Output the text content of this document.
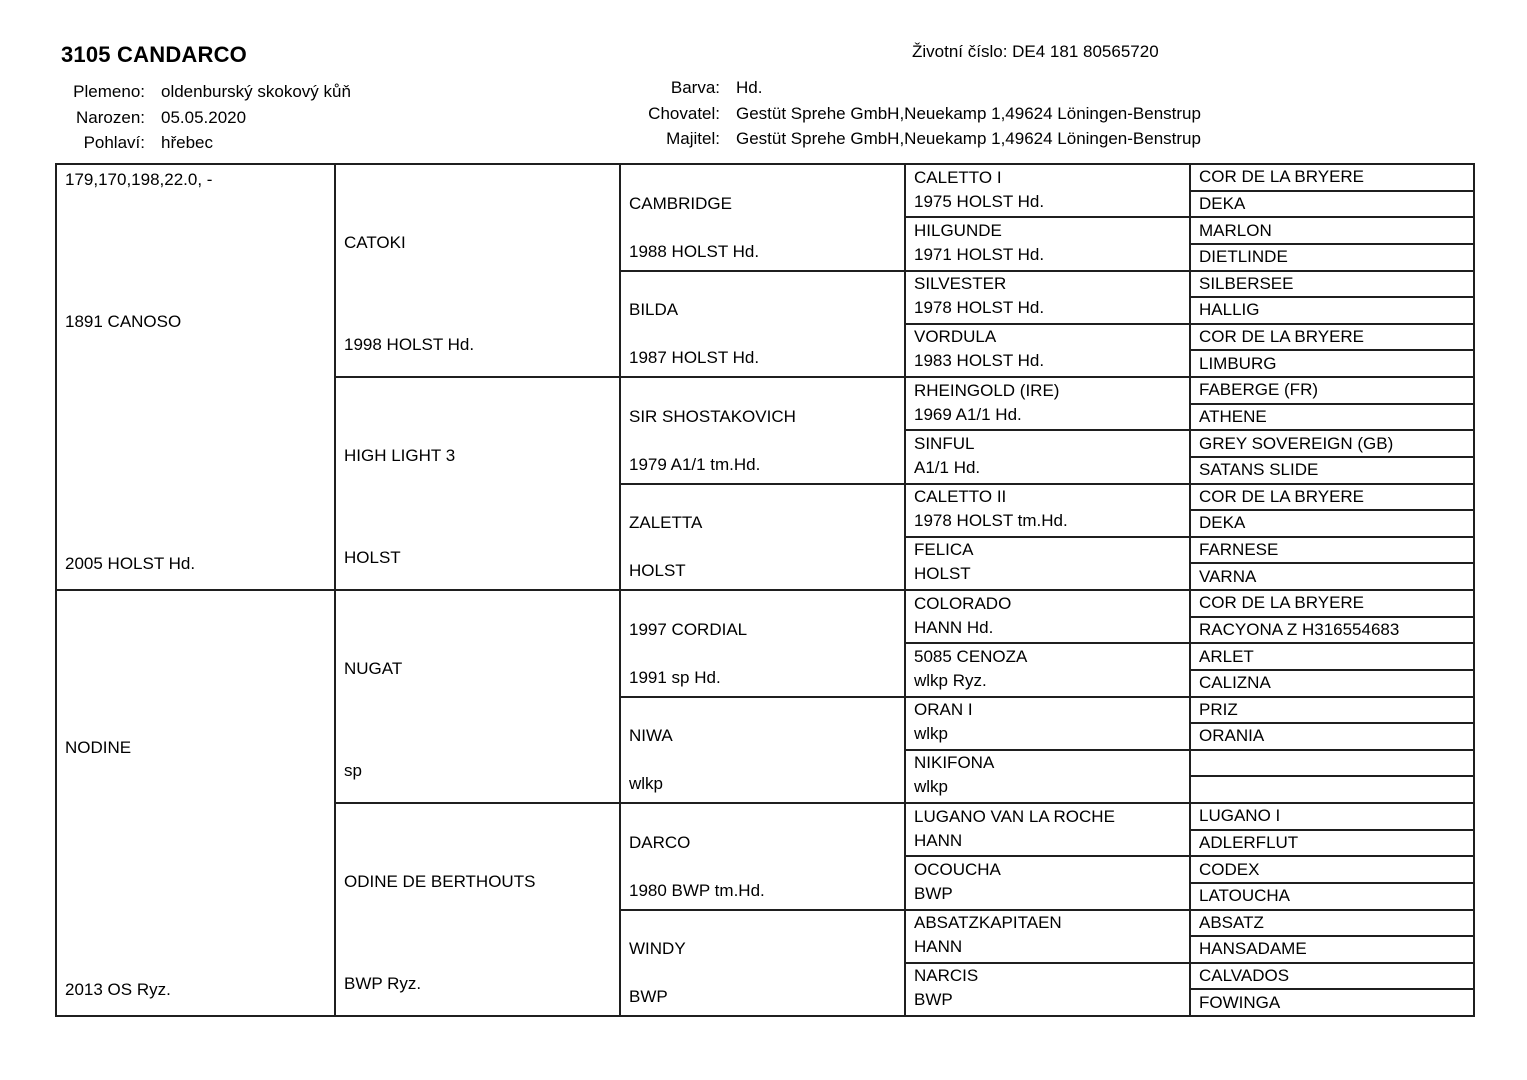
3105 CANDARCO	Životní číslo: DE4 181 80565720
Plemeno: oldenburský skokový kůň
Narozen: 05.05.2020
Pohlaví: hřebec
Barva: Hd.
Chovatel: Gestüt Sprehe GmbH,Neuekamp 1,49624 Löningen-Benstrup
Majitel: Gestüt Sprehe GmbH,Neuekamp 1,49624 Löningen-Benstrup
179,170,198,22.0, -
1891 CANOSO
2005 HOLST Hd.
NODINE
2013 OS Ryz.
CATOKI
1998 HOLST Hd.
HIGH LIGHT 3
HOLST
NUGAT
sp
ODINE DE BERTHOUTS
BWP Ryz.
CAMBRIDGE
1988 HOLST Hd.
BILDA
1987 HOLST Hd.
SIR SHOSTAKOVICH
1979 A1/1 tm.Hd.
ZALETTA
HOLST
1997 CORDIAL
1991 sp Hd.
NIWA
wlkp
DARCO
1980 BWP tm.Hd.
WINDY
BWP
CALETTO I
1975 HOLST Hd.
HILGUNDE
1971 HOLST Hd.
SILVESTER
1978 HOLST Hd.
VORDULA
1983 HOLST Hd.
RHEINGOLD (IRE)
1969 A1/1 Hd.
SINFUL
A1/1 Hd.
CALETTO II
1978 HOLST tm.Hd.
FELICA
HOLST
COLORADO
HANN Hd.
5085 CENOZA
wlkp Ryz.
ORAN I
wlkp
NIKIFONA
wlkp
LUGANO VAN LA ROCHE
HANN
OCOUCHA
BWP
ABSATZKAPITAEN
HANN
NARCIS
BWP
COR DE LA BRYERE
DEKA
MARLON
DIETLINDE
SILBERSEE
HALLIG
COR DE LA BRYERE
LIMBURG
FABERGE (FR)
ATHENE
GREY SOVEREIGN (GB)
SATANS SLIDE
COR DE LA BRYERE
DEKA
FARNESE
VARNA
COR DE LA BRYERE
RACYONA Z H316554683
ARLET
CALIZNA
PRIZ
ORANIA
LUGANO I
ADLERFLUT
CODEX
LATOUCHA
ABSATZ
HANSADAME
CALVADOS
FOWINGA
